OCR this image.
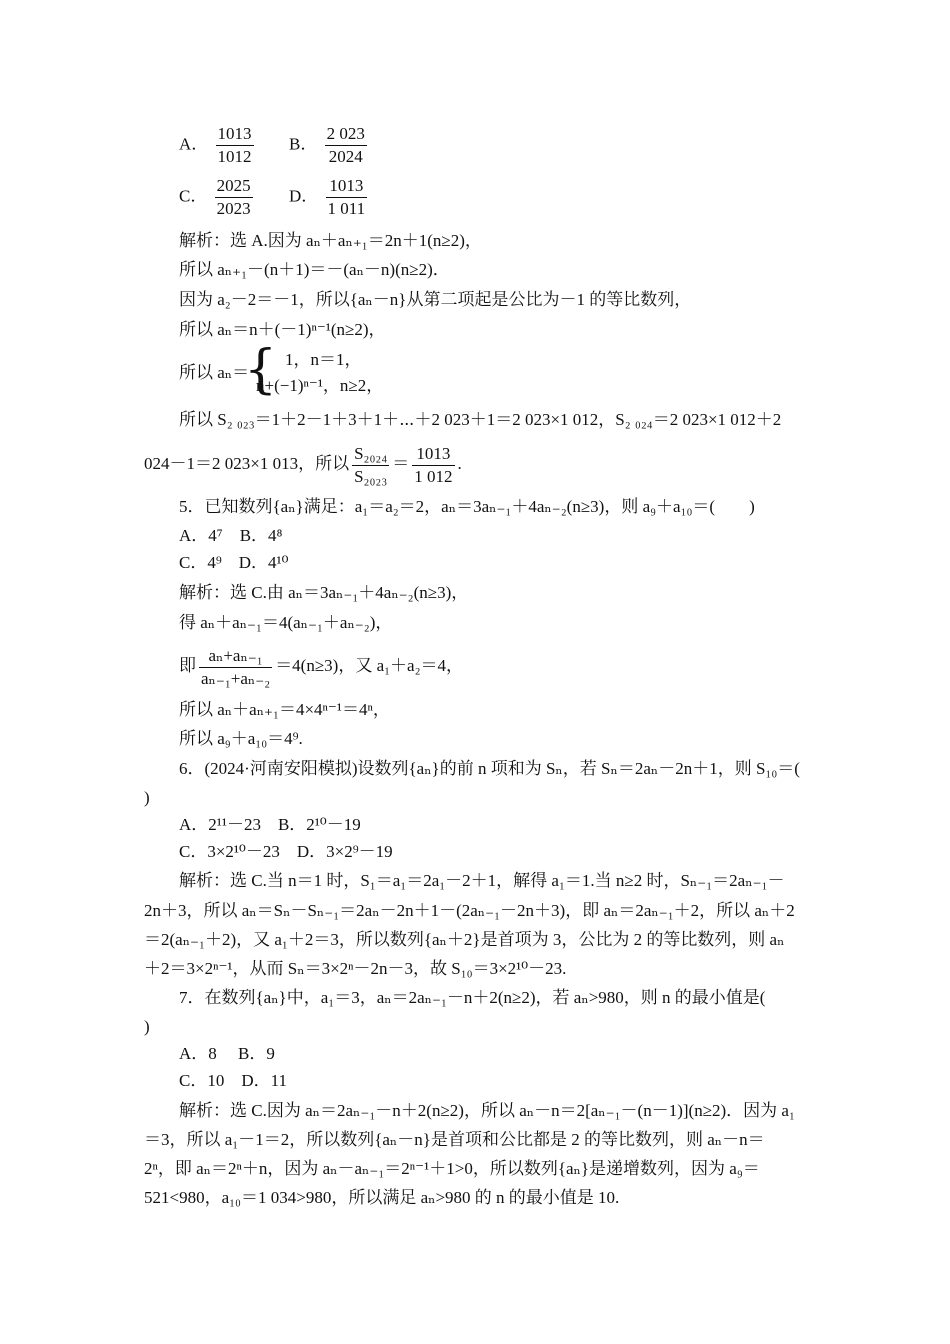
A． $\frac{1013}{1012}$ B． $\frac{2 023}{2024}$
C． $\frac{2025}{2023}$ D． $\frac{1013}{1 011}$
解析：选 A.因为 aₙ＋aₙ₊₁＝2n＋1(n≥2)，
所以 aₙ₊₁－(n＋1)＝－(aₙ－n)(n≥2)．
因为 a₂－2＝－1，所以{aₙ－n}从第二项起是公比为－1 的等比数列，
所以 aₙ＝n＋(－1)ⁿ⁻¹(n≥2)，
所以 aₙ＝
{ 1，n＝1，
n+(−1)ⁿ⁻¹，n≥2，
所以 S₂ ₀₂₃＝1＋2－1＋3＋1＋⋯＋2 023＋1＝2 023×1 012，S₂ ₀₂₄＝2 023×1 012＋2
024－1＝2 023×1 013，所以 $\frac{\text{S₂₀₂₄}}{\text{S₂₀₂₃}} = \frac{1013}{1 012}$ .
5．已知数列{aₙ}满足：a₁＝a₂＝2，aₙ＝3aₙ₋₁＋4aₙ₋₂(n≥3)，则 a₉＋a₁₀＝(　　)
A．4⁷　B．4⁸
C．4⁹　D．4¹⁰
解析：选 C.由 aₙ＝3aₙ₋₁＋4aₙ₋₂(n≥3)，
得 aₙ＋aₙ₋₁＝4(aₙ₋₁＋aₙ₋₂)，
即 $\frac{\text{aₙ+aₙ₋₁}}{\text{aₙ₋₁+aₙ₋₂}} =4(n\ge 3)$，又 a₁＋a₂＝4，
所以 aₙ＋aₙ₊₁＝4×4ⁿ⁻¹＝4ⁿ，
所以 a₉＋a₁₀＝4⁹.
6．(2024·河南安阳模拟)设数列{aₙ}的前 n 项和为 Sₙ，若 Sₙ＝2aₙ－2n＋1，则 S₁₀＝(
)
A．2¹¹－23　B．2¹⁰－19
C．3×2¹⁰－23　D．3×2⁹－19
解析：选 C.当 n＝1 时，S₁＝a₁＝2a₁－2＋1，解得 a₁＝1.当 n≥2 时，Sₙ₋₁＝2aₙ₋₁－
2n＋3，所以 aₙ＝Sₙ－Sₙ₋₁＝2aₙ－2n＋1－(2aₙ₋₁－2n＋3)，即 aₙ＝2aₙ₋₁＋2，所以 aₙ＋2
＝2(aₙ₋₁＋2)，又 a₁＋2＝3，所以数列{aₙ＋2}是首项为 3，公比为 2 的等比数列，则 aₙ
＋2＝3×2ⁿ⁻¹，从而 Sₙ＝3×2ⁿ－2n－3，故 S₁₀＝3×2¹⁰－23.
7．在数列{aₙ}中，a₁＝3，aₙ＝2aₙ₋₁－n＋2(n≥2)，若 aₙ>980，则 n 的最小值是(
)
A．8　 B．9
C．10　D．11
解析：选 C.因为 aₙ＝2aₙ₋₁－n＋2(n≥2)，所以 aₙ－n＝2[aₙ₋₁－(n－1)](n≥2)．因为 a₁
＝3，所以 a₁－1＝2，所以数列{aₙ－n}是首项和公比都是 2 的等比数列，则 aₙ－n＝
2ⁿ，即 aₙ＝2ⁿ＋n，因为 aₙ－aₙ₋₁＝2ⁿ⁻¹＋1>0，所以数列{aₙ}是递增数列，因为 a₉＝
521<980，a₁₀＝1 034>980，所以满足 aₙ>980 的 n 的最小值是 10.
